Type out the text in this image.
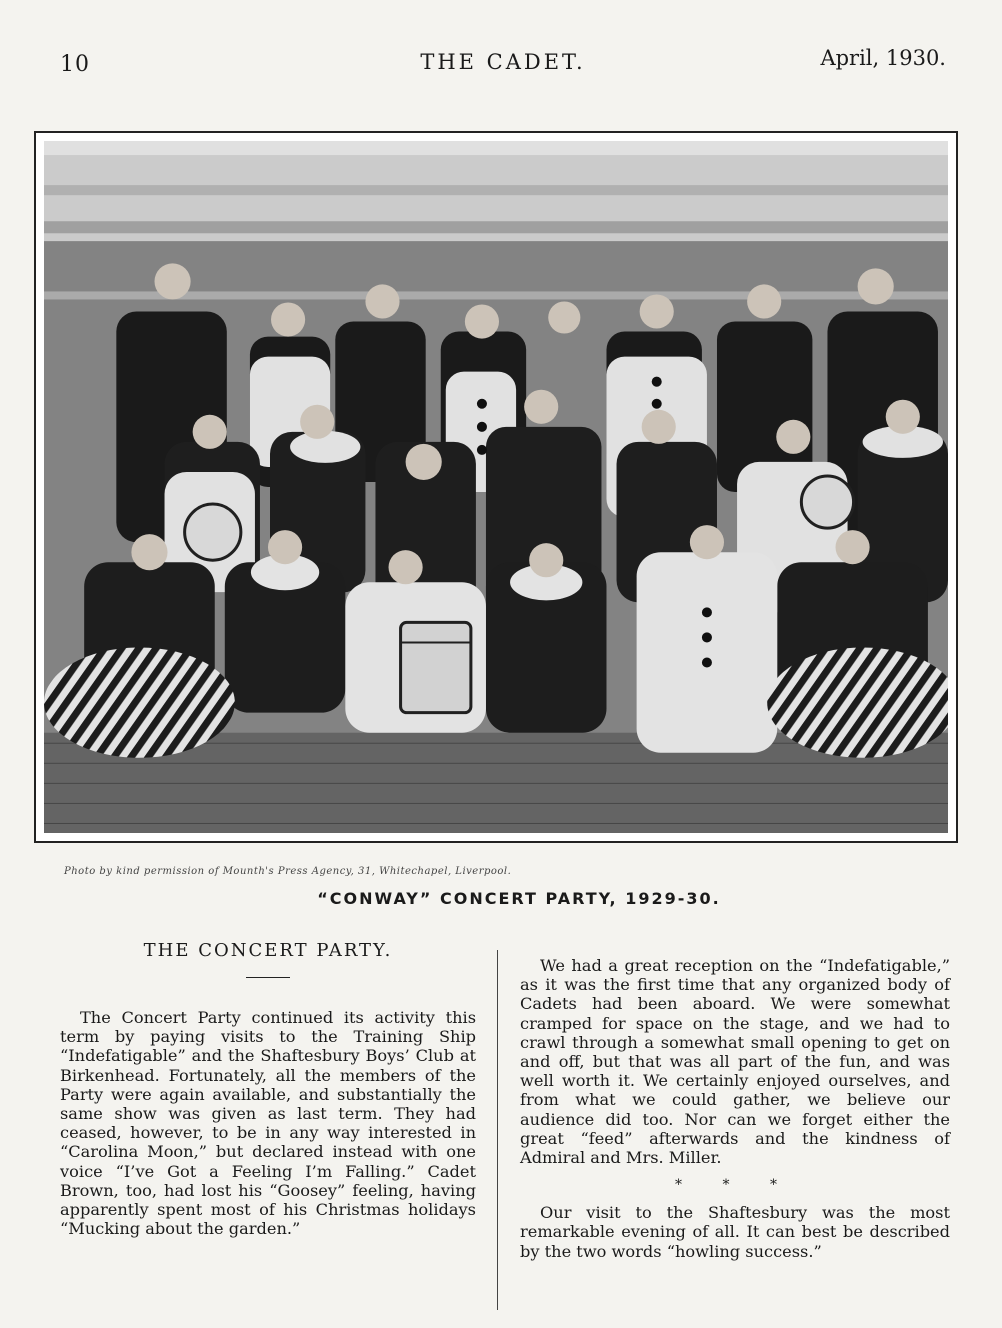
10	THE CADET.	April, 1930.
Photo by kind permission of Mounth's Press Agency, 31, Whitechapel, Liverpool.
“CONWAY” CONCERT PARTY, 1929-30.
THE CONCERT PARTY.

The Concert Party continued its activity this term by paying visits to the Training Ship “Indefatigable” and the Shaftesbury Boys’ Club at Birkenhead. Fortunately, all the members of the Party were again available, and substantially the same show was given as last term. They had ceased, however, to be in any way interested in “Carolina Moon,” but declared instead with one voice “I’ve Got a Feeling I’m Falling.” Cadet Brown, too, had lost his “Goosey” feeling, having apparently spent most of his Christmas holidays “Mucking about the garden.”

We had a great reception on the “Indefatigable,” as it was the first time that any organized body of Cadets had been aboard. We were somewhat cramped for space on the stage, and we had to crawl through a somewhat small opening to get on and off, but that was all part of the fun, and was well worth it. We certainly enjoyed ourselves, and from what we could gather, we believe our audience did too. Nor can we forget either the great “feed” afterwards and the kindness of Admiral and Mrs. Miller.

* * *

Our visit to the Shaftesbury was the most remarkable evening of all. It can best be described by the two words “howling success.”
